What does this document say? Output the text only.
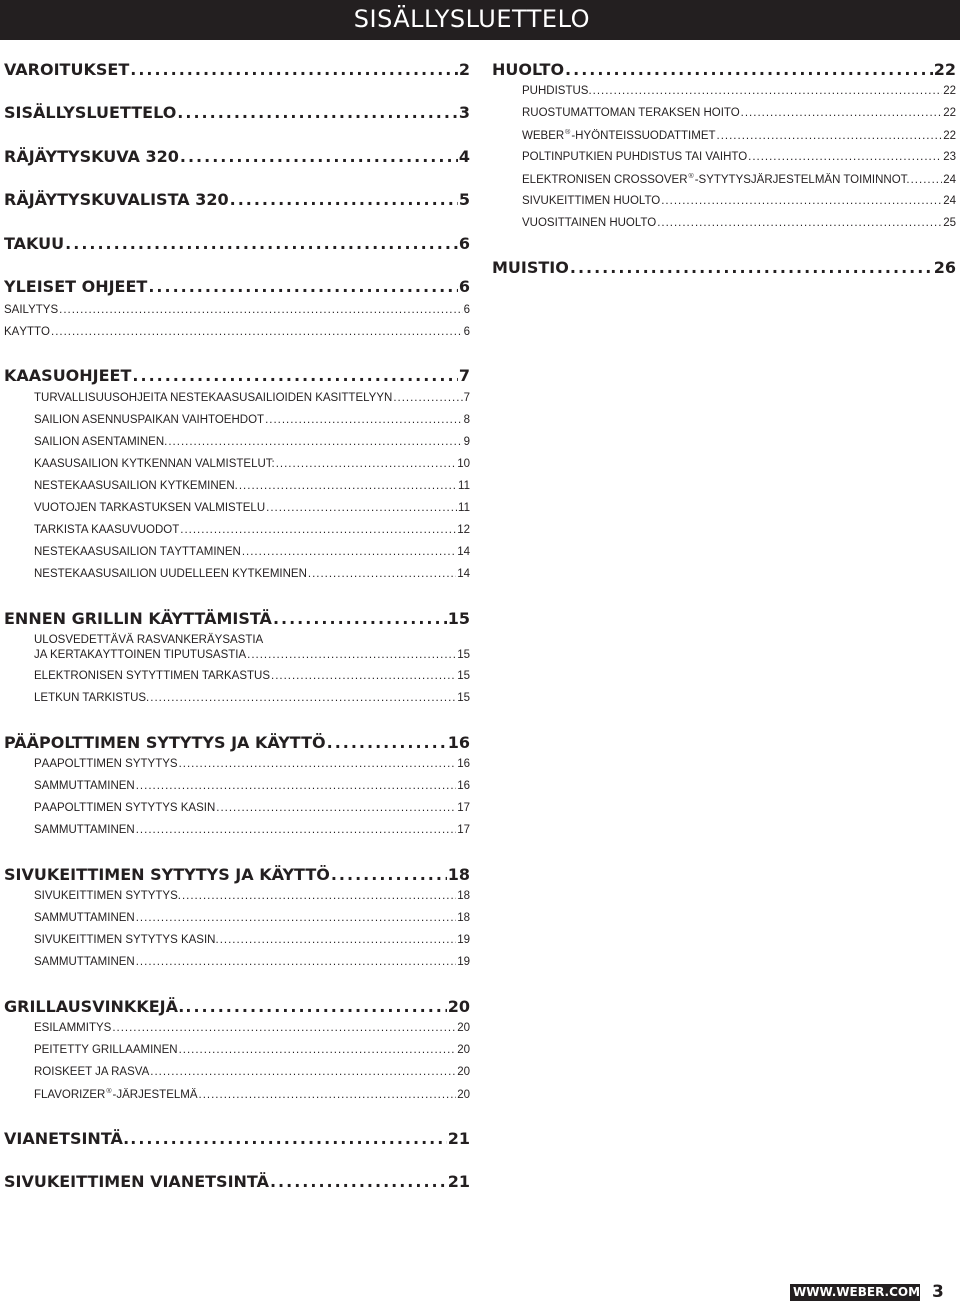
SISÄLLYSLUETTELO
VAROITUKSET .....	2
SISÄLLYSLUETTELO .....	3
RÄJÄYTYSKUVA 320 .....	4
RÄJÄYTYSKUVALISTA 320 .....	5
TAKUU .....	6
YLEISET OHJEET .....	6
SÄILYTYS .....	6
KÄYTTÖ .....	6
KAASUOHJEET .....	7
TURVALLISUUSOHJEITA NESTEKAASUSÄILIÖIDEN KÄSITTELYYN .....	7
SÄILIÖN ASENNUSPAIKAN VAIHTOEHDOT .....	8
SÄILIÖN ASENTAMINEN. .....	9
KAASUSÄILIÖN KYTKENNÄN VALMISTELUT: .....	10
NESTEKAASUSÄILIÖN KYTKEMINEN. .....	11
VUOTOJEN TARKASTUKSEN VALMISTELU .....	11
TARKISTA KAASUVUODOT .....	12
NESTEKAASUSÄILIÖN TÄYTTÄMINEN .....	14
NESTEKAASUSÄILIÖN UUDELLEEN KYTKEMINEN .....	14
ENNEN GRILLIN KÄYTTÄMISTÄ .....	15
ULOSVEDETTÄVÄ RASVANKERÄYSASTIA
JA KERTAKÄYTTÖINEN TIPUTUSASTIA .....	15
ELEKTRONISEN SYTYTTIMEN TARKASTUS .....	15
LETKUN TARKISTUS. .....	15
PÄÄPOLTTIMEN SYTYTYS JA KÄYTTÖ .....	16
PÄÄPOLTTIMEN SYTYTYS .....	16
SAMMUTTAMINEN .....	16
PÄÄPOLTTIMEN SYTYTYS KÄSIN .....	17
SAMMUTTAMINEN .....	17
SIVUKEITTIMEN SYTYTYS JA KÄYTTÖ .....	18
SIVUKEITTIMEN SYTYTYS. .....	18
SAMMUTTAMINEN .....	18
SIVUKEITTIMEN SYTYTYS KÄSIN. .....	19
SAMMUTTAMINEN .....	19
GRILLAUSVINKKEJÄ. .....	20
ESILÄMMITYS .....	20
PEITETTY GRILLAAMINEN .....	20
ROISKEET JA RASVA .....	20
FLAVORIZER®-JÄRJESTELMÄ .....	20
VIANETSINTÄ. .....	21
SIVUKEITTIMEN VIANETSINTÄ .....	21
HUOLTO .....	22
PUHDISTUS. .....	22
RUOSTUMATTOMAN TERÄKSEN HOITO .....	22
WEBER®-HYÖNTEISSUODATTIMET .....	22
POLTINPUTKIEN PUHDISTUS TAI VAIHTO .....	23
ELEKTRONISEN CROSSOVER®-SYTYTYSJÄRJESTELMÄN TOIMINNOT. .....	24
SIVUKEITTIMEN HUOLTO .....	24
VUOSITTAINEN HUOLTO .....	25
MUISTIO .....	26
WWW.WEBER.COM® 3
